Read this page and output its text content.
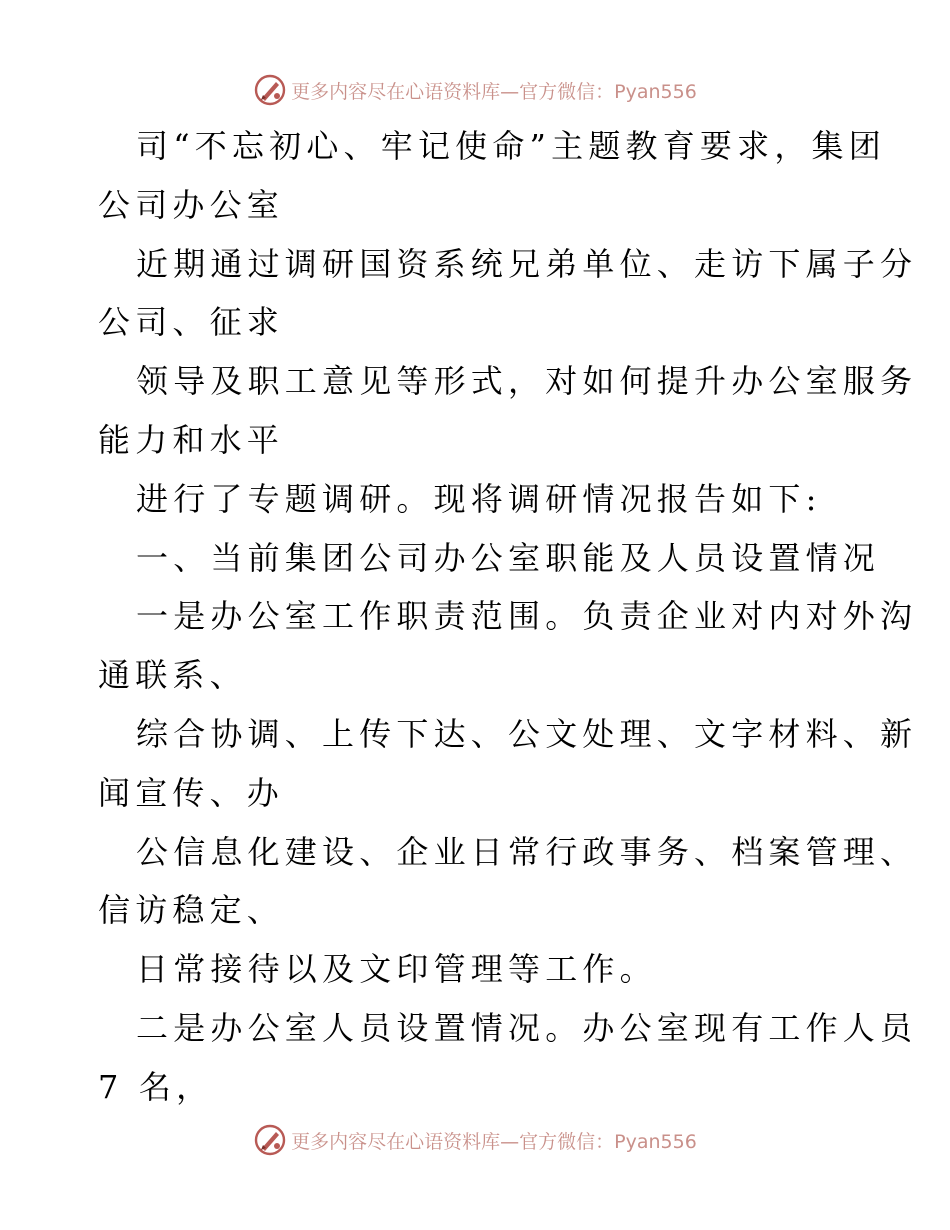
更多内容尽在心语资料库—官方微信：Pyan556
司“不忘初心、牢记使命”主题教育要求，集团
公司办公室
近期通过调研国资系统兄弟单位、走访下属子分
公司、征求
领导及职工意见等形式，对如何提升办公室服务
能力和水平
进行了专题调研。现将调研情况报告如下:
一、当前集团公司办公室职能及人员设置情况
一是办公室工作职责范围。负责企业对内对外沟
通联系、
综合协调、上传下达、公文处理、文字材料、新
闻宣传、办
公信息化建设、企业日常行政事务、档案管理、
信访稳定、
日常接待以及文印管理等工作。
二是办公室人员设置情况。办公室现有工作人员
7 名，
更多内容尽在心语资料库—官方微信：Pyan556
